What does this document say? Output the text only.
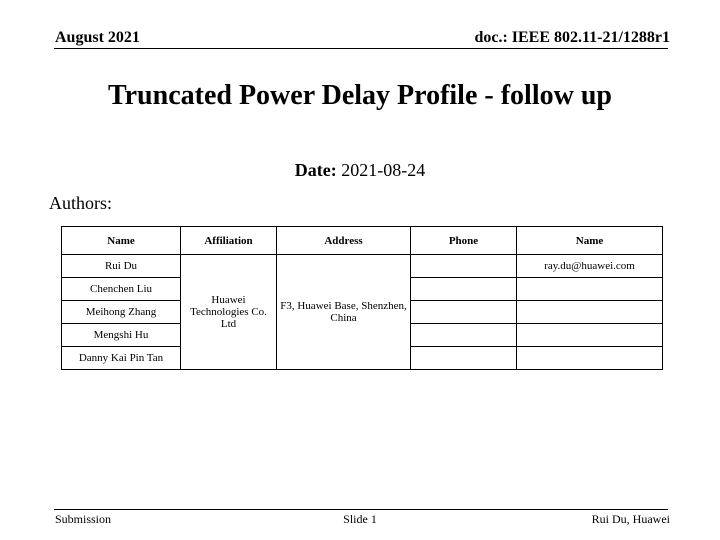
August 2021	doc.: IEEE 802.11-21/1288r1
Truncated Power Delay Profile - follow up
Date: 2021-08-24
Authors:
Name	Affiliation	Address	Phone	Name
Rui Du	Huawei Technologies Co. Ltd	F3, Huawei Base, Shenzhen, China		ray.du@huawei.com
Chenchen Liu				
Meihong Zhang				
Mengshi Hu				
Danny Kai Pin Tan				
Submission	Slide 1	Rui Du, Huawei
